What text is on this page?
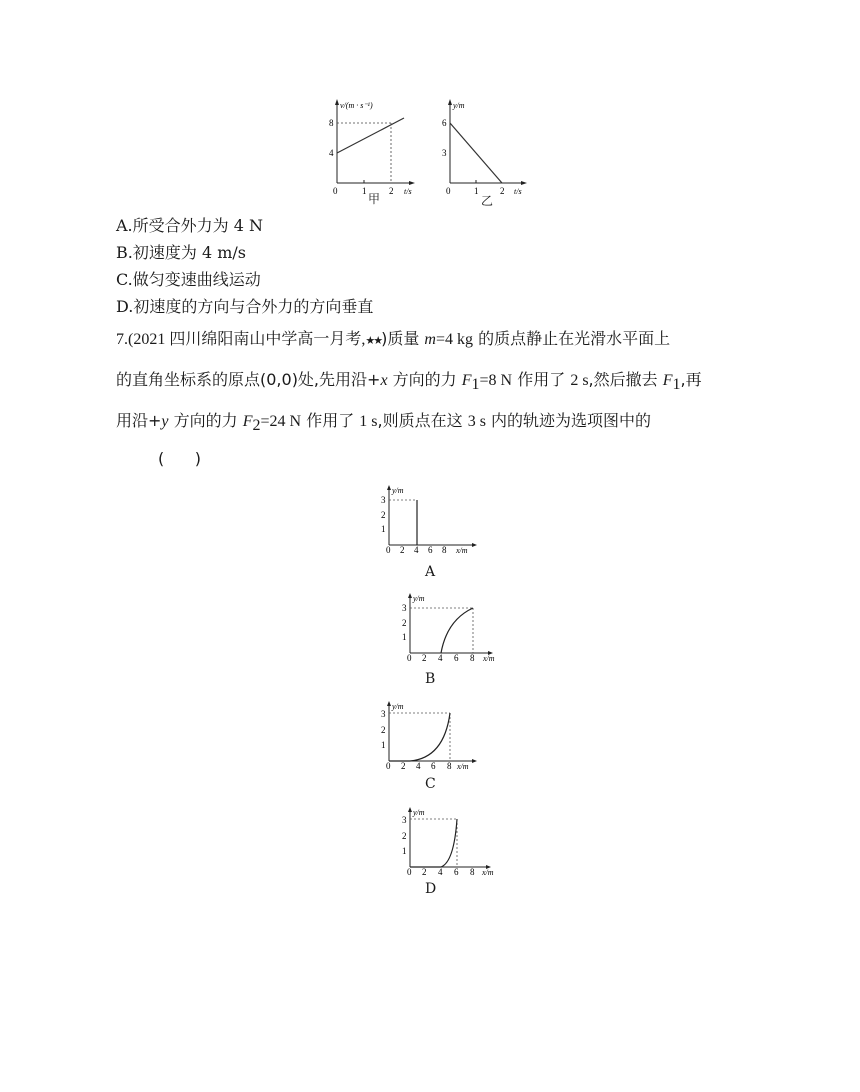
v/(m · s⁻¹)
8
4
0	1	2 t/s
甲
y/m
6
3
0	1 2 t/s
乙
A.所受合外力为 4 N
B.初速度为 4 m/s
C.做匀变速曲线运动
D.初速度的方向与合外力的方向垂直
7.(2021 四川绵阳南山中学高一月考,★★)质量 m=4 kg 的质点静止在光滑水平面上
的直角坐标系的原点(0,0)处,先用沿+x 方向的力 $F_1=8$ N 作用了 2 s,然后撤去 $F_1$,再
用沿+y 方向的力 $F_2=24$ N 作用了 1 s,则质点在这 3 s 内的轨迹为选项图中的
(      )
y/m
3
2
1
0 2 4 6 8 x/m
A
y/m
3
2
1
0 2 4 6 8 x/m
B
y/m
3
2
1
0 2 4 6 8 x/m
C
y/m
3
2
1
0 2 4 6 8 x/m
D
